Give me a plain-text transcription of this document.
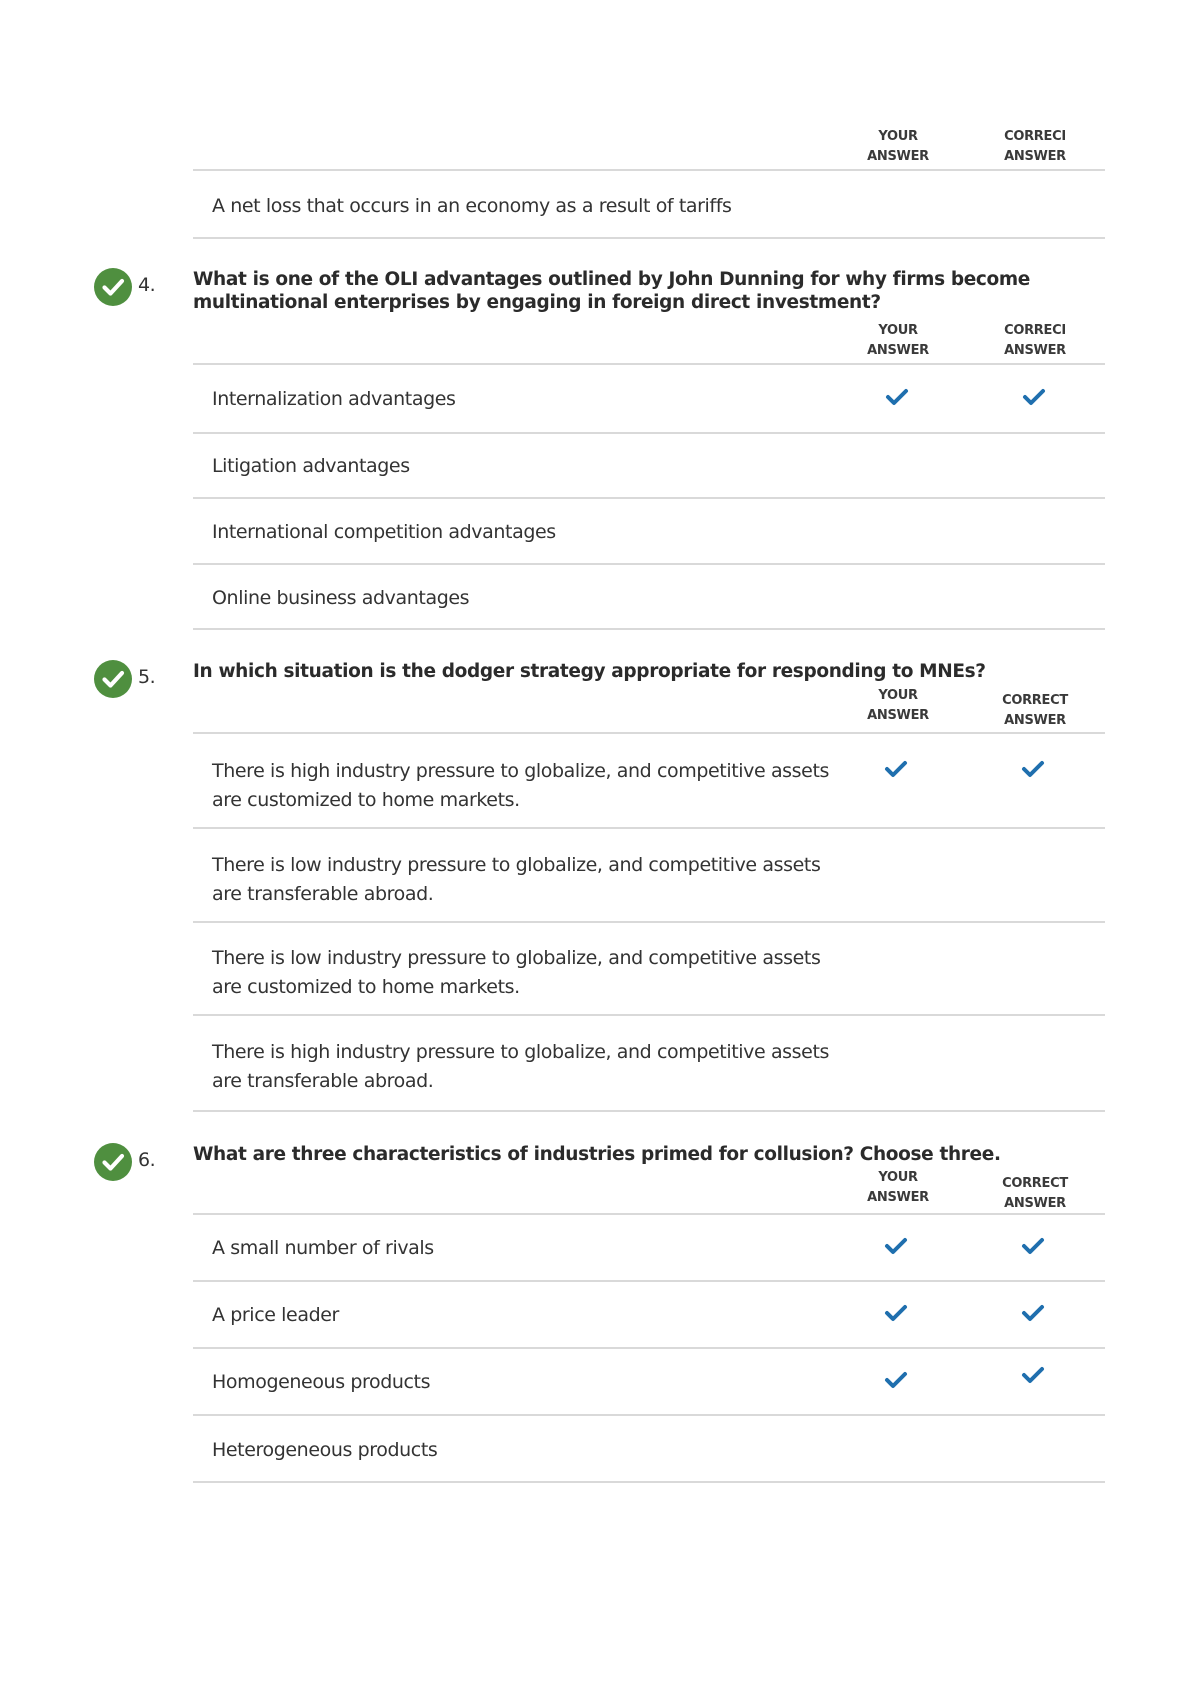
YOUR
ANSWER
CORRECI
ANSWER
A net loss that occurs in an economy as a result of tariffs
4. What is one of the OLI advantages outlined by John Dunning for why firms become multinational enterprises by engaging in foreign direct investment?
YOUR
ANSWER
CORRECI
ANSWER
Internalization advantages
Litigation advantages
International competition advantages
Online business advantages
5. In which situation is the dodger strategy appropriate for responding to MNEs?
YOUR
ANSWER
CORRECT
ANSWER
There is high industry pressure to globalize, and competitive assets are customized to home markets.
There is low industry pressure to globalize, and competitive assets are transferable abroad.
There is low industry pressure to globalize, and competitive assets are customized to home markets.
There is high industry pressure to globalize, and competitive assets are transferable abroad.
6. What are three characteristics of industries primed for collusion? Choose three.
YOUR
ANSWER
CORRECT
ANSWER
A small number of rivals
A price leader
Homogeneous products
Heterogeneous products
